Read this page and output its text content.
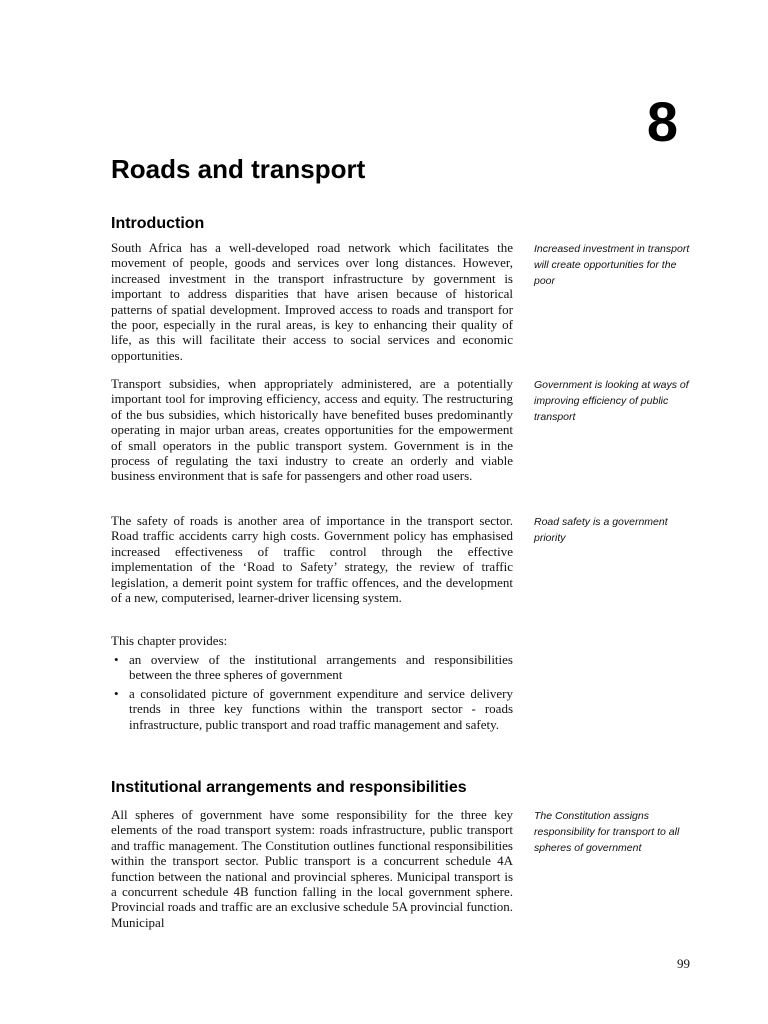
8
Roads and transport
Introduction

South Africa has a well-developed road network which facilitates the movement of people, goods and services over long distances. However, increased investment in the transport infrastructure by government is important to address disparities that have arisen because of historical patterns of spatial development. Improved access to roads and transport for the poor, especially in the rural areas, is key to enhancing their quality of life, as this will facilitate their access to social services and economic opportunities.

Increased investment in transport will create opportunities for the poor

Transport subsidies, when appropriately administered, are a potentially important tool for improving efficiency, access and equity. The restructuring of the bus subsidies, which historically have benefited buses predominantly operating in major urban areas, creates opportunities for the empowerment of small operators in the public transport system. Government is in the process of regulating the taxi industry to create an orderly and viable business environment that is safe for passengers and other road users.

Government is looking at ways of improving efficiency of public transport

The safety of roads is another area of importance in the transport sector. Road traffic accidents carry high costs. Government policy has emphasised increased effectiveness of traffic control through the effective implementation of the ‘Road to Safety’ strategy, the review of traffic legislation, a demerit point system for traffic offences, and the development of a new, computerised, learner-driver licensing system.

Road safety is a government priority

This chapter provides:

• an overview of the institutional arrangements and responsibilities between the three spheres of government
• a consolidated picture of government expenditure and service delivery trends in three key functions within the transport sector - roads infrastructure, public transport and road traffic management and safety.
Institutional arrangements and responsibilities

All spheres of government have some responsibility for the three key elements of the road transport system: roads infrastructure, public transport and traffic management. The Constitution outlines functional responsibilities within the transport sector. Public transport is a concurrent schedule 4A function between the national and provincial spheres. Municipal transport is a concurrent schedule 4B function falling in the local government sphere. Provincial roads and traffic are an exclusive schedule 5A provincial function. Municipal

The Constitution assigns responsibility for transport to all spheres of government

99
